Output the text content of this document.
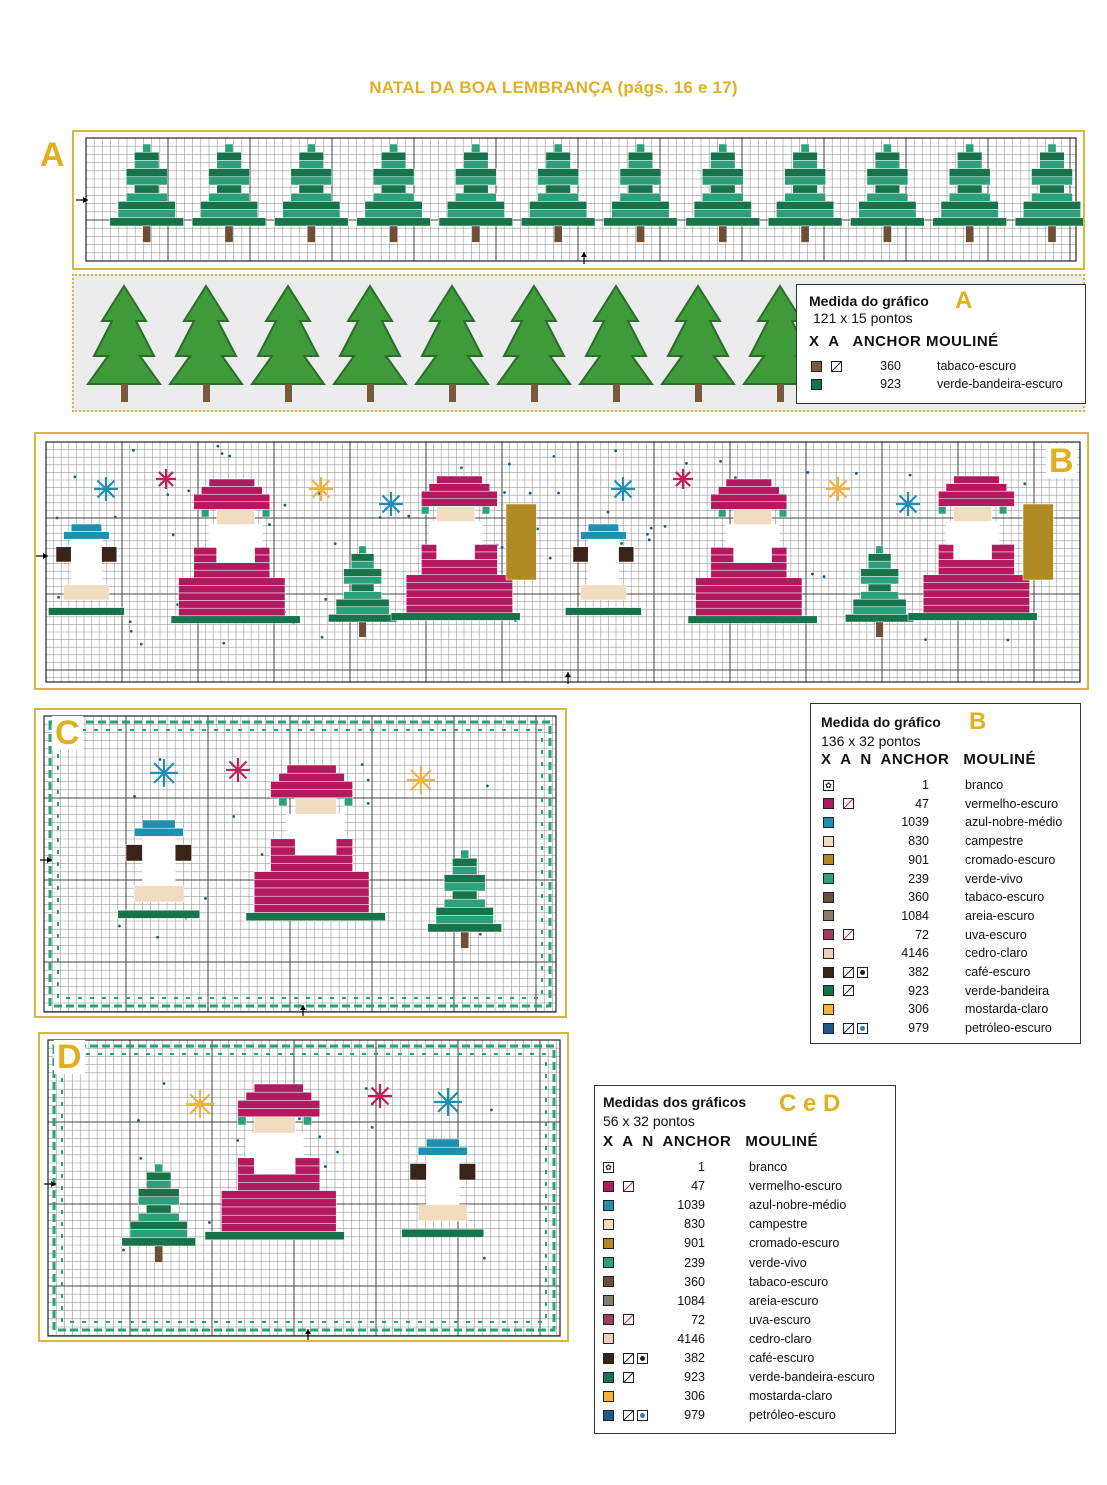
NATAL DA BOA LEMBRANÇA (págs. 16 e 17)
A
Medida do gráfico A
121 x 15 pontos
X  A   ANCHOR MOULINÉ
360	tabaco-escuro
923	verde-bandeira-escuro
B
C	Medida do gráfico B
136 x 32 pontos
X  A  N  ANCHOR   MOULINÉ
✿	1	branco
47	vermelho-escuro
1039	azul-nobre-médio
830	campestre
901	cromado-escuro
239	verde-vivo
360	tabaco-escuro
1084	areia-escuro
72	uva-escuro
4146	cedro-claro
382	café-escuro
923	verde-bandeira
306	mostarda-claro
979	petróleo-escuro
D
Medidas dos gráficos C e D
56 x 32 pontos
X  A  N  ANCHOR   MOULINÉ
✿	1	branco
47	vermelho-escuro
1039	azul-nobre-médio
830	campestre
901	cromado-escuro
239	verde-vivo
360	tabaco-escuro
1084	areia-escuro
72	uva-escuro
4146	cedro-claro
382	café-escuro
923	verde-bandeira-escuro
306	mostarda-claro
979	petróleo-escuro
